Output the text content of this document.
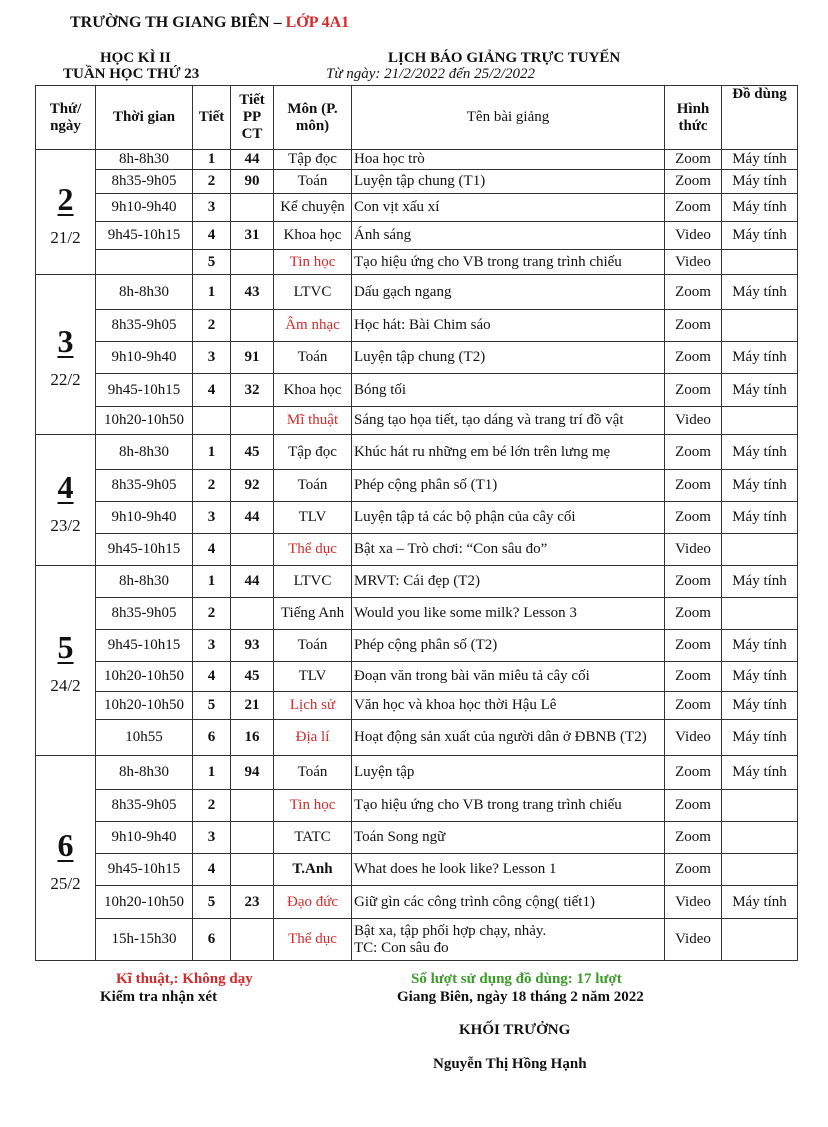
TRƯỜNG TH GIANG BIÊN – LỚP 4A1
HỌC KÌ II
TUẦN HỌC THỨ 23
LỊCH BÁO GIẢNG TRỰC TUYẾN
Từ ngày: 21/2/2022 đến 25/2/2022
Thứ/ ngày	Thời gian	Tiết	Tiết PP CT	Môn (P. môn)	Tên bài giảng	Hình thức	Đồ dùng

2
21/2	8h-8h30	1	44	Tập đọc	Hoa học trò	Zoom	Máy tính
	8h35-9h05	2	90	Toán	Luyện tập chung (T1)	Zoom	Máy tính
	9h10-9h40	3		Kể chuyện	Con vịt xấu xí	Zoom	Máy tính
	9h45-10h15	4	31	Khoa học	Ánh sáng	Video	Máy tính
		5		Tin học	Tạo hiệu ứng cho VB trong trang trình chiếu	Video	

3
22/2	8h-8h30	1	43	LTVC	Dấu gạch ngang	Zoom	Máy tính
	8h35-9h05	2		Âm nhạc	Học hát: Bài Chim sáo	Zoom	
	9h10-9h40	3	91	Toán	Luyện tập chung (T2)	Zoom	Máy tính
	9h45-10h15	4	32	Khoa học	Bóng tối	Zoom	Máy tính
	10h20-10h50			Mĩ thuật	Sáng tạo họa tiết, tạo dáng và trang trí đồ vật	Video	

4
23/2	8h-8h30	1	45	Tập đọc	Khúc hát ru những em bé lớn trên lưng mẹ	Zoom	Máy tính
	8h35-9h05	2	92	Toán	Phép cộng phân số (T1)	Zoom	Máy tính
	9h10-9h40	3	44	TLV	Luyện tập tả các bộ phận của cây cối	Zoom	Máy tính
	9h45-10h15	4		Thể dục	Bật xa – Trò chơi: “Con sâu đo”	Video	

5
24/2	8h-8h30	1	44	LTVC	MRVT: Cái đẹp (T2)	Zoom	Máy tính
	8h35-9h05	2		Tiếng Anh	Would you like some milk? Lesson 3	Zoom	
	9h45-10h15	3	93	Toán	Phép cộng phân số (T2)	Zoom	Máy tính
	10h20-10h50	4	45	TLV	Đoạn văn trong bài văn miêu tả cây cối	Zoom	Máy tính
	10h20-10h50	5	21	Lịch sử	Văn học và khoa học thời Hậu Lê	Zoom	Máy tính
	10h55	6	16	Địa lí	Hoạt động sản xuất của người dân ở ĐBNB (T2)	Video	Máy tính

6
25/2	8h-8h30	1	94	Toán	Luyện tập	Zoom	Máy tính
	8h35-9h05	2		Tin học	Tạo hiệu ứng cho VB trong trang trình chiếu	Zoom	
	9h10-9h40	3		TATC	Toán Song ngữ	Zoom	
	9h45-10h15	4		T.Anh	What does he look like? Lesson 1	Zoom	
	10h20-10h50	5	23	Đạo đức	Giữ gìn các công trình công cộng( tiết1)	Video	Máy tính
	15h-15h30	6		Thể dục	Bật xa, tập phối hợp chạy, nhảy.
TC: Con sâu đo	Video	
Kĩ thuật,: Không dạy	Số lượt sử dụng đồ dùng: 17 lượt
Kiểm tra nhận xét	Giang Biên, ngày 18 tháng 2 năm 2022
KHỐI TRƯỞNG
Nguyễn Thị Hồng Hạnh
